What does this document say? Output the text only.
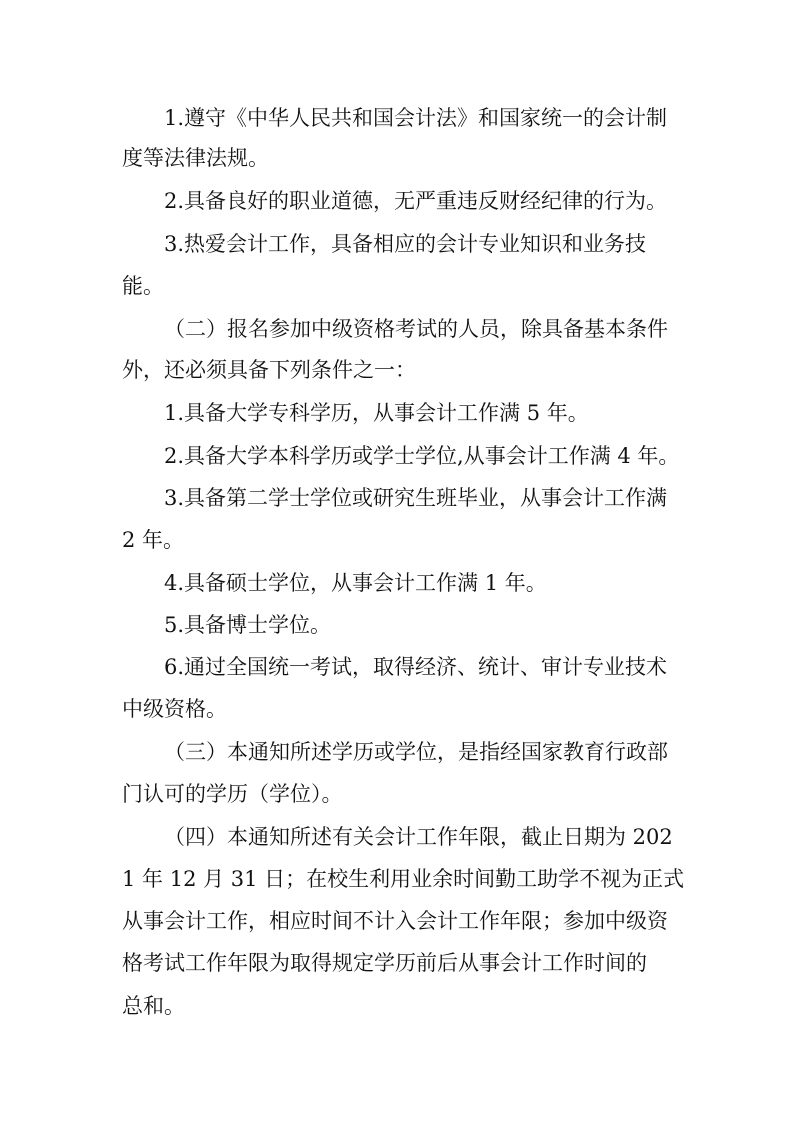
1.遵守《中华人民共和国会计法》和国家统一的会计制
度等法律法规。
2.具备良好的职业道德，无严重违反财经纪律的行为。
3.热爱会计工作，具备相应的会计专业知识和业务技
能。
（二）报名参加中级资格考试的人员，除具备基本条件
外，还必须具备下列条件之一：
1.具备大学专科学历，从事会计工作满 5 年。
2.具备大学本科学历或学士学位,从事会计工作满 4 年。
3.具备第二学士学位或研究生班毕业，从事会计工作满
2 年。
4.具备硕士学位，从事会计工作满 1 年。
5.具备博士学位。
6.通过全国统一考试，取得经济、统计、审计专业技术
中级资格。
（三）本通知所述学历或学位，是指经国家教育行政部
门认可的学历（学位）。
（四）本通知所述有关会计工作年限，截止日期为 202
1 年 12 月 31 日；在校生利用业余时间勤工助学不视为正式
从事会计工作，相应时间不计入会计工作年限；参加中级资
格考试工作年限为取得规定学历前后从事会计工作时间的
总和。
